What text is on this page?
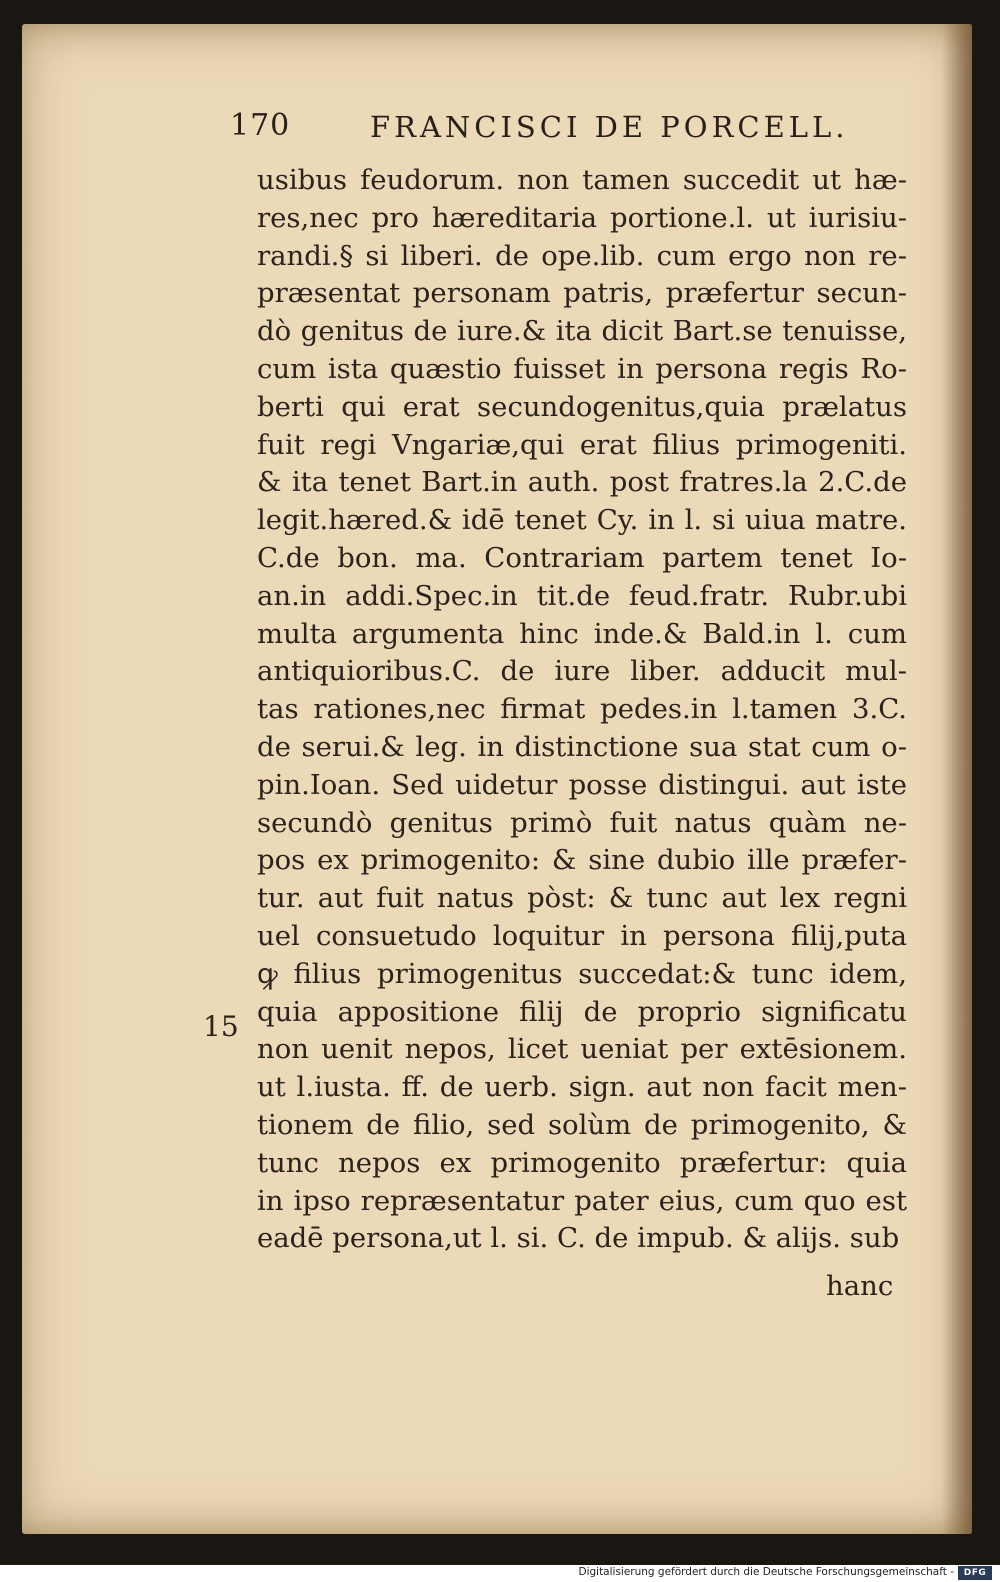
170	FRANCISCI DE PORCELL.
usibus feudorum. non tamen succedit ut hæ-
res,nec pro hæreditaria portione.l. ut iurisiu-
randi.§ si liberi. de ope.lib. cum ergo non re-
præsentat personam patris, præfertur secun-
dò genitus de iure.& ita dicit Bart.se tenuisse,
cum ista quæstio fuisset in persona regis Ro-
berti qui erat secundogenitus,quia prælatus
fuit regi Vngariæ,qui erat filius primogeniti.
& ita tenet Bart.in auth. post fratres.la 2.C.de
legit.hæred.& idē tenet Cy. in l. si uiua matre.
C.de bon. ma. Contrariam partem tenet Io-
an.in addi.Spec.in tit.de feud.fratr. Rubr.ubi
multa argumenta hinc inde.& Bald.in l. cum
antiquioribus.C. de iure liber. adducit mul-
tas rationes,nec firmat pedes.in l.tamen 3.C.
de serui.& leg. in distinctione sua stat cum o-
pin.Ioan. Sed uidetur posse distingui. aut iste
secundò genitus primò fuit natus quàm ne-
pos ex primogenito: & sine dubio ille præfer-
tur. aut fuit natus pòst: & tunc aut lex regni
uel consuetudo loquitur in persona filij,puta
ꝙ filius primogenitus succedat:& tunc idem,
quia appositione filij de proprio significatu
non uenit nepos, licet ueniat per extēsionem.
ut l.iusta. ff. de uerb. sign. aut non facit men-
tionem de filio, sed solùm de primogenito, &
tunc nepos ex primogenito præfertur: quia
in ipso repræsentatur pater eius, cum quo est
eadē persona,ut l. si. C. de impub. & alijs. sub
15
hanc
Digitalisierung gefördert durch die Deutsche Forschungsgemeinschaft -	DFG
